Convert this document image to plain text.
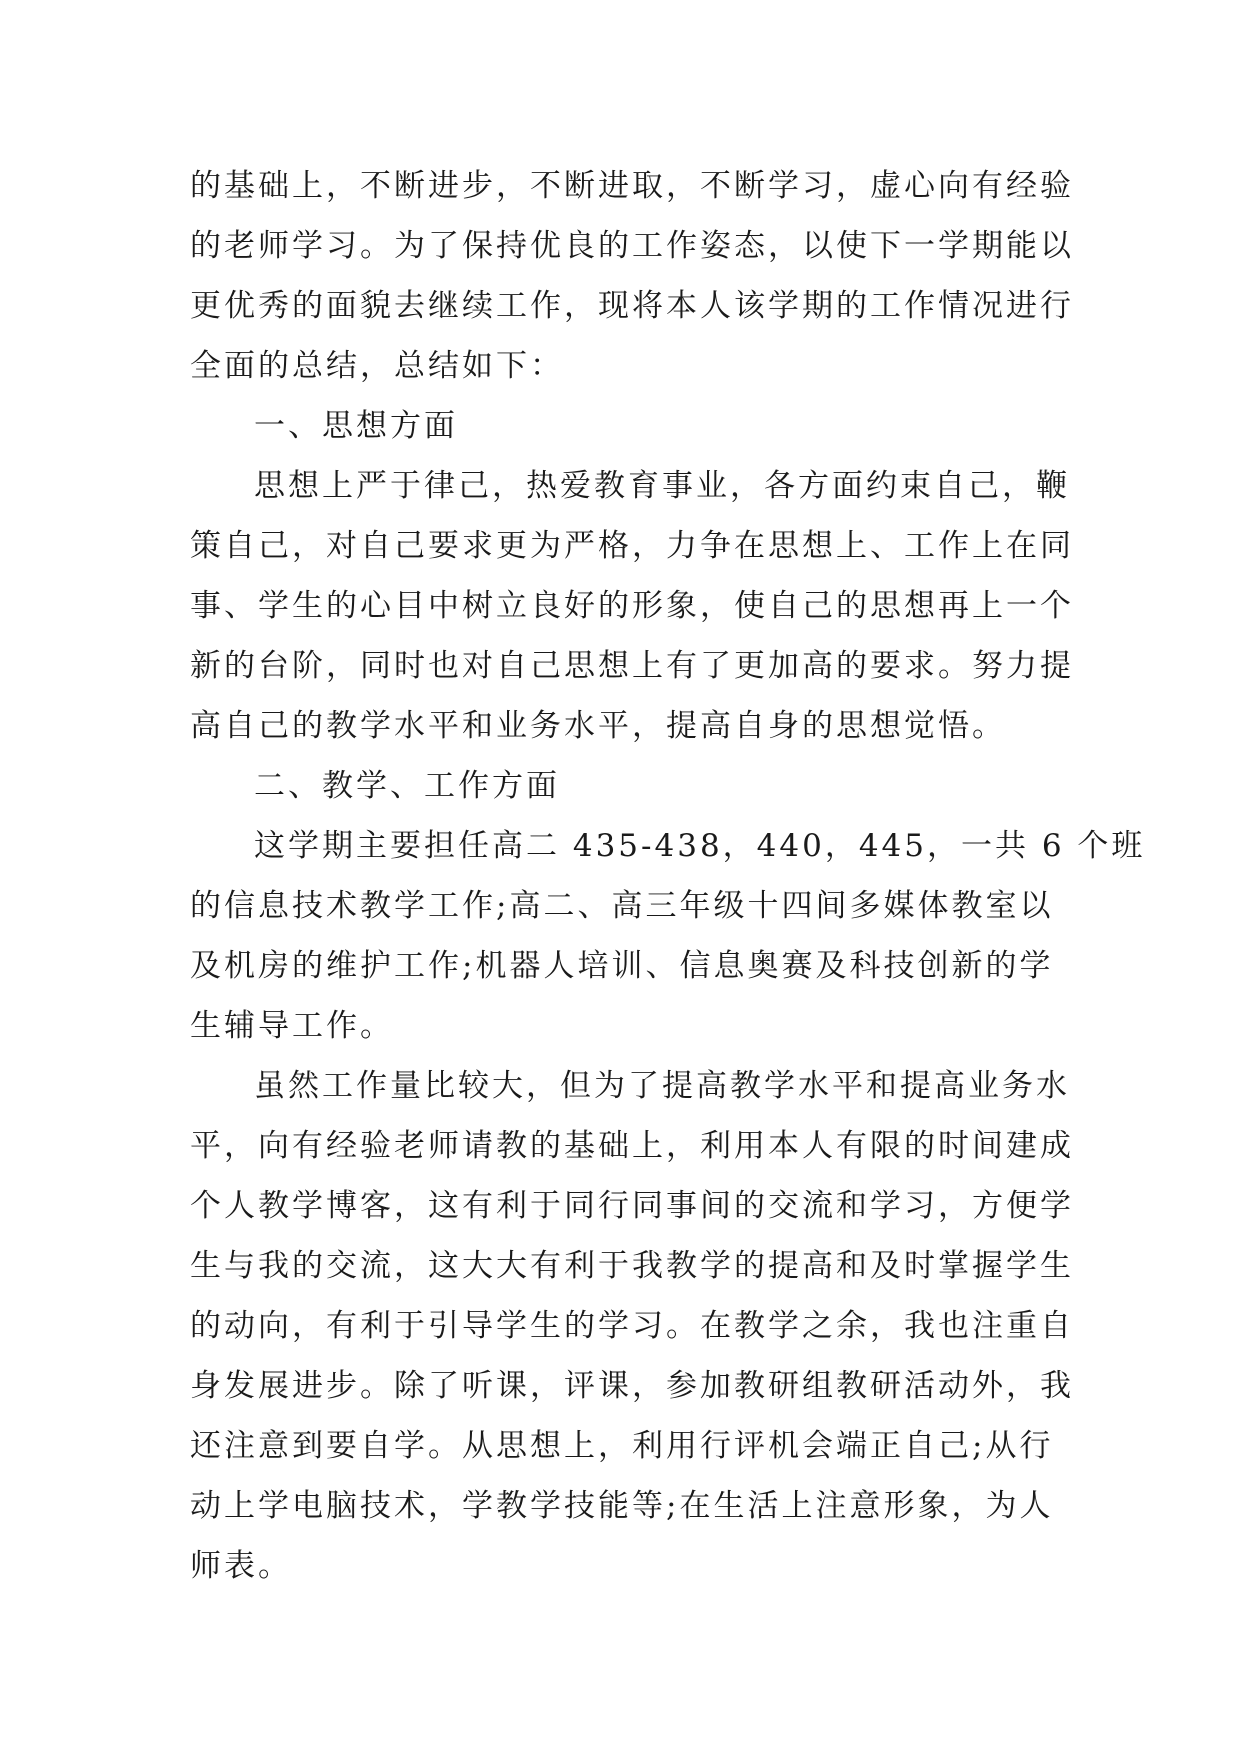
的基础上，不断进步，不断进取，不断学习，虚心向有经验
的老师学习。为了保持优良的工作姿态，以使下一学期能以
更优秀的面貌去继续工作，现将本人该学期的工作情况进行
全面的总结，总结如下：
一、思想方面
思想上严于律己，热爱教育事业，各方面约束自己，鞭
策自己，对自己要求更为严格，力争在思想上、工作上在同
事、学生的心目中树立良好的形象，使自己的思想再上一个
新的台阶，同时也对自己思想上有了更加高的要求。努力提
高自己的教学水平和业务水平，提高自身的思想觉悟。
二、教学、工作方面
这学期主要担任高二 435-438，440，445，一共 6 个班
的信息技术教学工作;高二、高三年级十四间多媒体教室以
及机房的维护工作;机器人培训、信息奥赛及科技创新的学
生辅导工作。
虽然工作量比较大，但为了提高教学水平和提高业务水
平，向有经验老师请教的基础上，利用本人有限的时间建成
个人教学博客，这有利于同行同事间的交流和学习，方便学
生与我的交流，这大大有利于我教学的提高和及时掌握学生
的动向，有利于引导学生的学习。在教学之余，我也注重自
身发展进步。除了听课，评课，参加教研组教研活动外，我
还注意到要自学。从思想上，利用行评机会端正自己;从行
动上学电脑技术，学教学技能等;在生活上注意形象，为人
师表。
